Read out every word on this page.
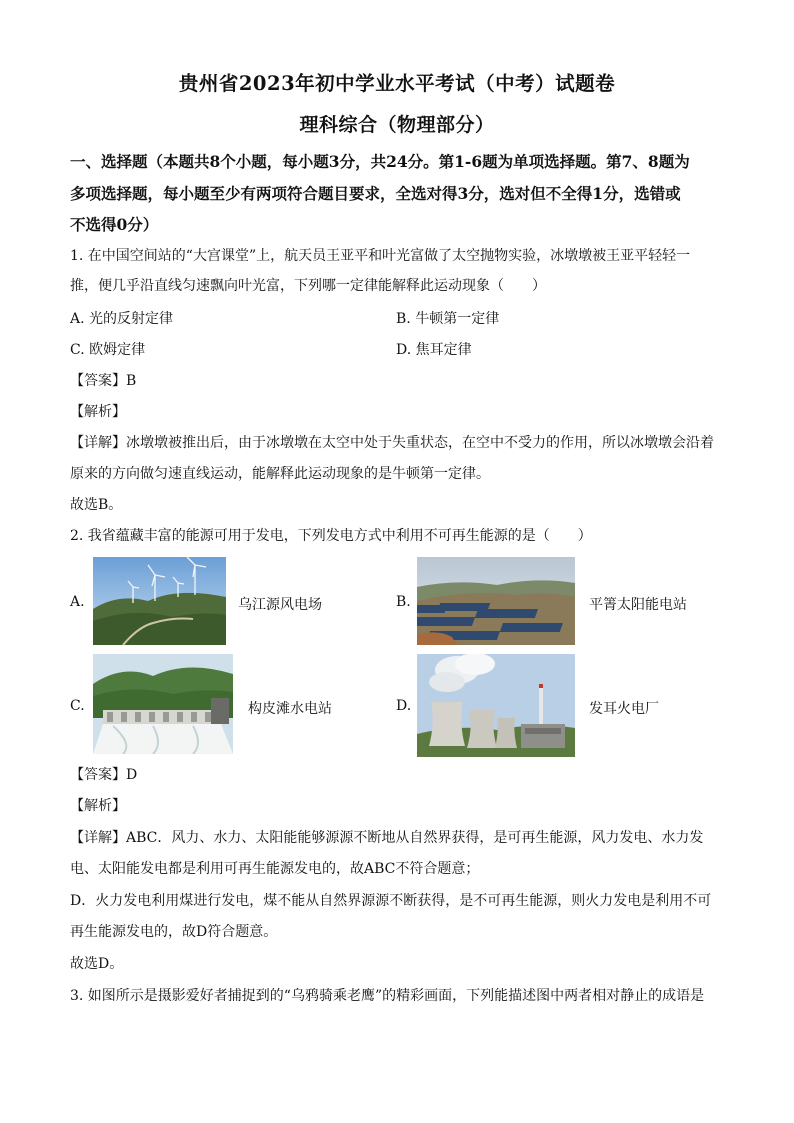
贵州省2023年初中学业水平考试（中考）试题卷
理科综合（物理部分）
一、选择题（本题共8个小题，每小题3分，共24分。第1-6题为单项选择题。第7、8题为
多项选择题，每小题至少有两项符合题目要求，全选对得3分，选对但不全得1分，选错或
不选得0分）
1. 在中国空间站的“大宫课堂”上，航天员王亚平和叶光富做了太空抛物实验，冰墩墩被王亚平轻轻一
推，便几乎沿直线匀速飘向叶光富，下列哪一定律能解释此运动现象（　　）
A. 光的反射定律	B. 牛顿第一定律
C. 欧姆定律	D. 焦耳定律
【答案】B
【解析】
【详解】冰墩墩被推出后，由于冰墩墩在太空中处于失重状态，在空中不受力的作用，所以冰墩墩会沿着
原来的方向做匀速直线运动，能解释此运动现象的是牛顿第一定律。
故选B。
2. 我省蕴藏丰富的能源可用于发电，下列发电方式中利用不可再生能源的是（　　）
A.	乌江源风电场	B.	平箐太阳能电站
C.	构皮滩水电站	D.	发耳火电厂
【答案】D
【解析】
【详解】ABC．风力、水力、太阳能能够源源不断地从自然界获得，是可再生能源，风力发电、水力发
电、太阳能发电都是利用可再生能源发电的，故ABC不符合题意；
D．火力发电利用煤进行发电，煤不能从自然界源源不断获得，是不可再生能源，则火力发电是利用不可
再生能源发电的，故D符合题意。
故选D。
3. 如图所示是摄影爱好者捕捉到的“乌鸦骑乘老鹰”的精彩画面，下列能描述图中两者相对静止的成语是
